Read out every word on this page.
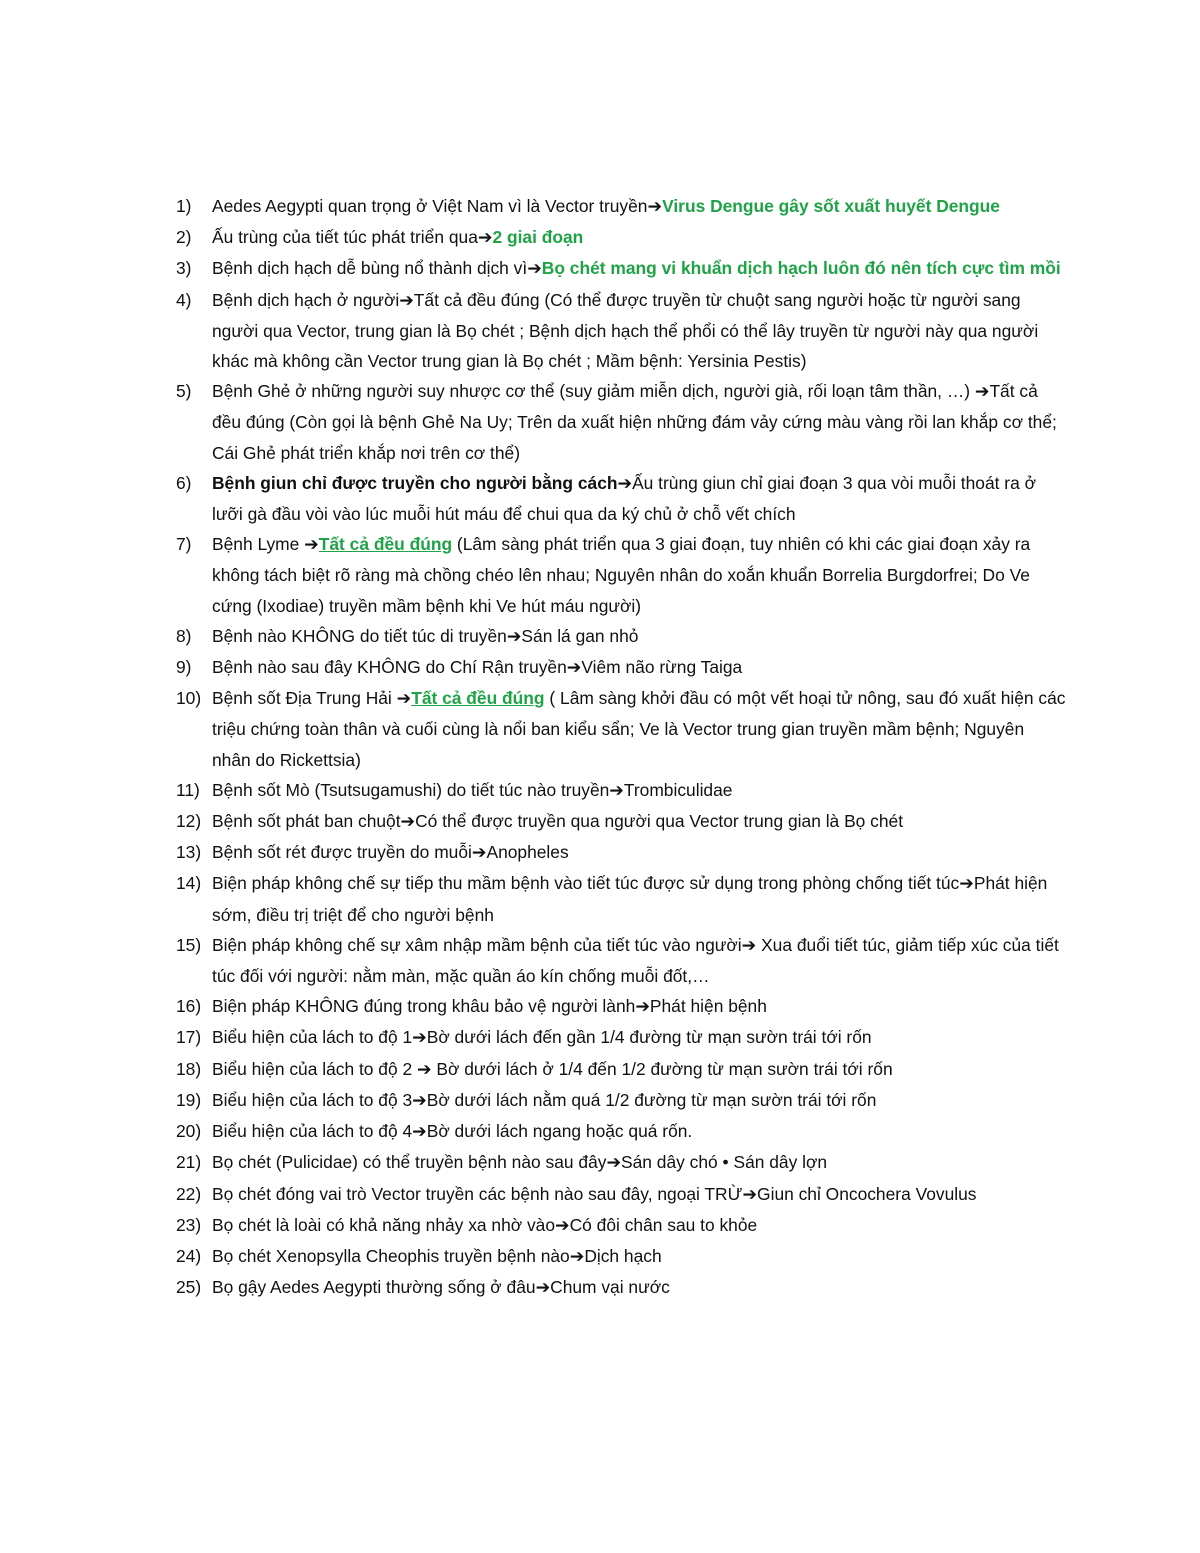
1)	Aedes Aegypti quan trọng ở Việt Nam vì là Vector truyền➔Virus Dengue gây sốt xuất huyết Dengue
2)	Ấu trùng của tiết túc phát triển qua➔2 giai đoạn
3)	Bệnh dịch hạch dễ bùng nổ thành dịch vì➔Bọ chét mang vi khuẩn dịch hạch luôn đó nên tích cực tìm mồi
4)	Bệnh dịch hạch ở người➔Tất cả đều đúng (Có thể được truyền từ chuột sang người hoặc từ người sang người qua Vector, trung gian là Bọ chét ; Bệnh dịch hạch thể phổi có thể lây truyền từ người này qua người khác mà không cần Vector trung gian là Bọ chét ; Mầm bệnh: Yersinia Pestis)
5)	Bệnh Ghẻ ở những người suy nhược cơ thể (suy giảm miễn dịch, người già, rối loạn tâm thần, …) ➔Tất cả đều đúng (Còn gọi là bệnh Ghẻ Na Uy; Trên da xuất hiện những đám vảy cứng màu vàng rồi lan khắp cơ thể; Cái Ghẻ phát triển khắp nơi trên cơ thể)
6)	Bệnh giun chỉ được truyền cho người bằng cách➔Ấu trùng giun chỉ giai đoạn 3 qua vòi muỗi thoát ra ở lưỡi gà đầu vòi vào lúc muỗi hút máu để chui qua da ký chủ ở chỗ vết chích
7)	Bệnh Lyme ➔Tất cả đều đúng (Lâm sàng phát triển qua 3 giai đoạn, tuy nhiên có khi các giai đoạn xảy ra không tách biệt rõ ràng mà chồng chéo lên nhau; Nguyên nhân do xoắn khuẩn Borrelia Burgdorfrei; Do Ve cứng (Ixodiae) truyền mầm bệnh khi Ve hút máu người)
8)	Bệnh nào KHÔNG do tiết túc di truyền➔Sán lá gan nhỏ
9)	Bệnh nào sau đây KHÔNG do Chí Rận truyền➔Viêm não rừng Taiga
10) Bệnh sốt Địa Trung Hải ➔Tất cả đều đúng ( Lâm sàng khởi đầu có một vết hoại tử nông, sau đó xuất hiện các triệu chứng toàn thân và cuối cùng là nổi ban kiểu sẩn; Ve là Vector trung gian truyền mầm bệnh; Nguyên nhân do Rickettsia)
11) Bệnh sốt Mò (Tsutsugamushi) do tiết túc nào truyền➔Trombiculidae
12) Bệnh sốt phát ban chuột➔Có thể được truyền qua người qua Vector trung gian là Bọ chét
13) Bệnh sốt rét được truyền do muỗi➔Anopheles
14) Biện pháp không chế sự tiếp thu mầm bệnh vào tiết túc được sử dụng trong phòng chống tiết túc➔Phát hiện sớm, điều trị triệt để cho người bệnh
15) Biện pháp không chế sự xâm nhập mầm bệnh của tiết túc vào người➔ Xua đuổi tiết túc, giảm tiếp xúc của tiết túc đối với người: nằm màn, mặc quần áo kín chống muỗi đốt,…
16) Biện pháp KHÔNG đúng trong khâu bảo vệ người lành➔Phát hiện bệnh
17) Biểu hiện của lách to độ 1➔Bờ dưới lách đến gần 1/4 đường từ mạn sườn trái tới rốn
18) Biểu hiện của lách to độ 2 ➔ Bờ dưới lách ở 1/4 đến 1/2 đường từ mạn sườn trái tới rốn
19) Biểu hiện của lách to độ 3➔Bờ dưới lách nằm quá 1/2 đường từ mạn sườn trái tới rốn
20) Biểu hiện của lách to độ 4➔Bờ dưới lách ngang hoặc quá rốn.
21) Bọ chét (Pulicidae) có thể truyền bệnh nào sau đây➔Sán dây chó • Sán dây lợn
22) Bọ chét đóng vai trò Vector truyền các bệnh nào sau đây, ngoại TRỪ➔Giun chỉ Oncochera Vovulus
23) Bọ chét là loài có khả năng nhảy xa nhờ vào➔Có đôi chân sau to khỏe
24) Bọ chét Xenopsylla Cheophis truyền bệnh nào➔Dịch hạch
25) Bọ gậy Aedes Aegypti thường sống ở đâu➔Chum vại nước
